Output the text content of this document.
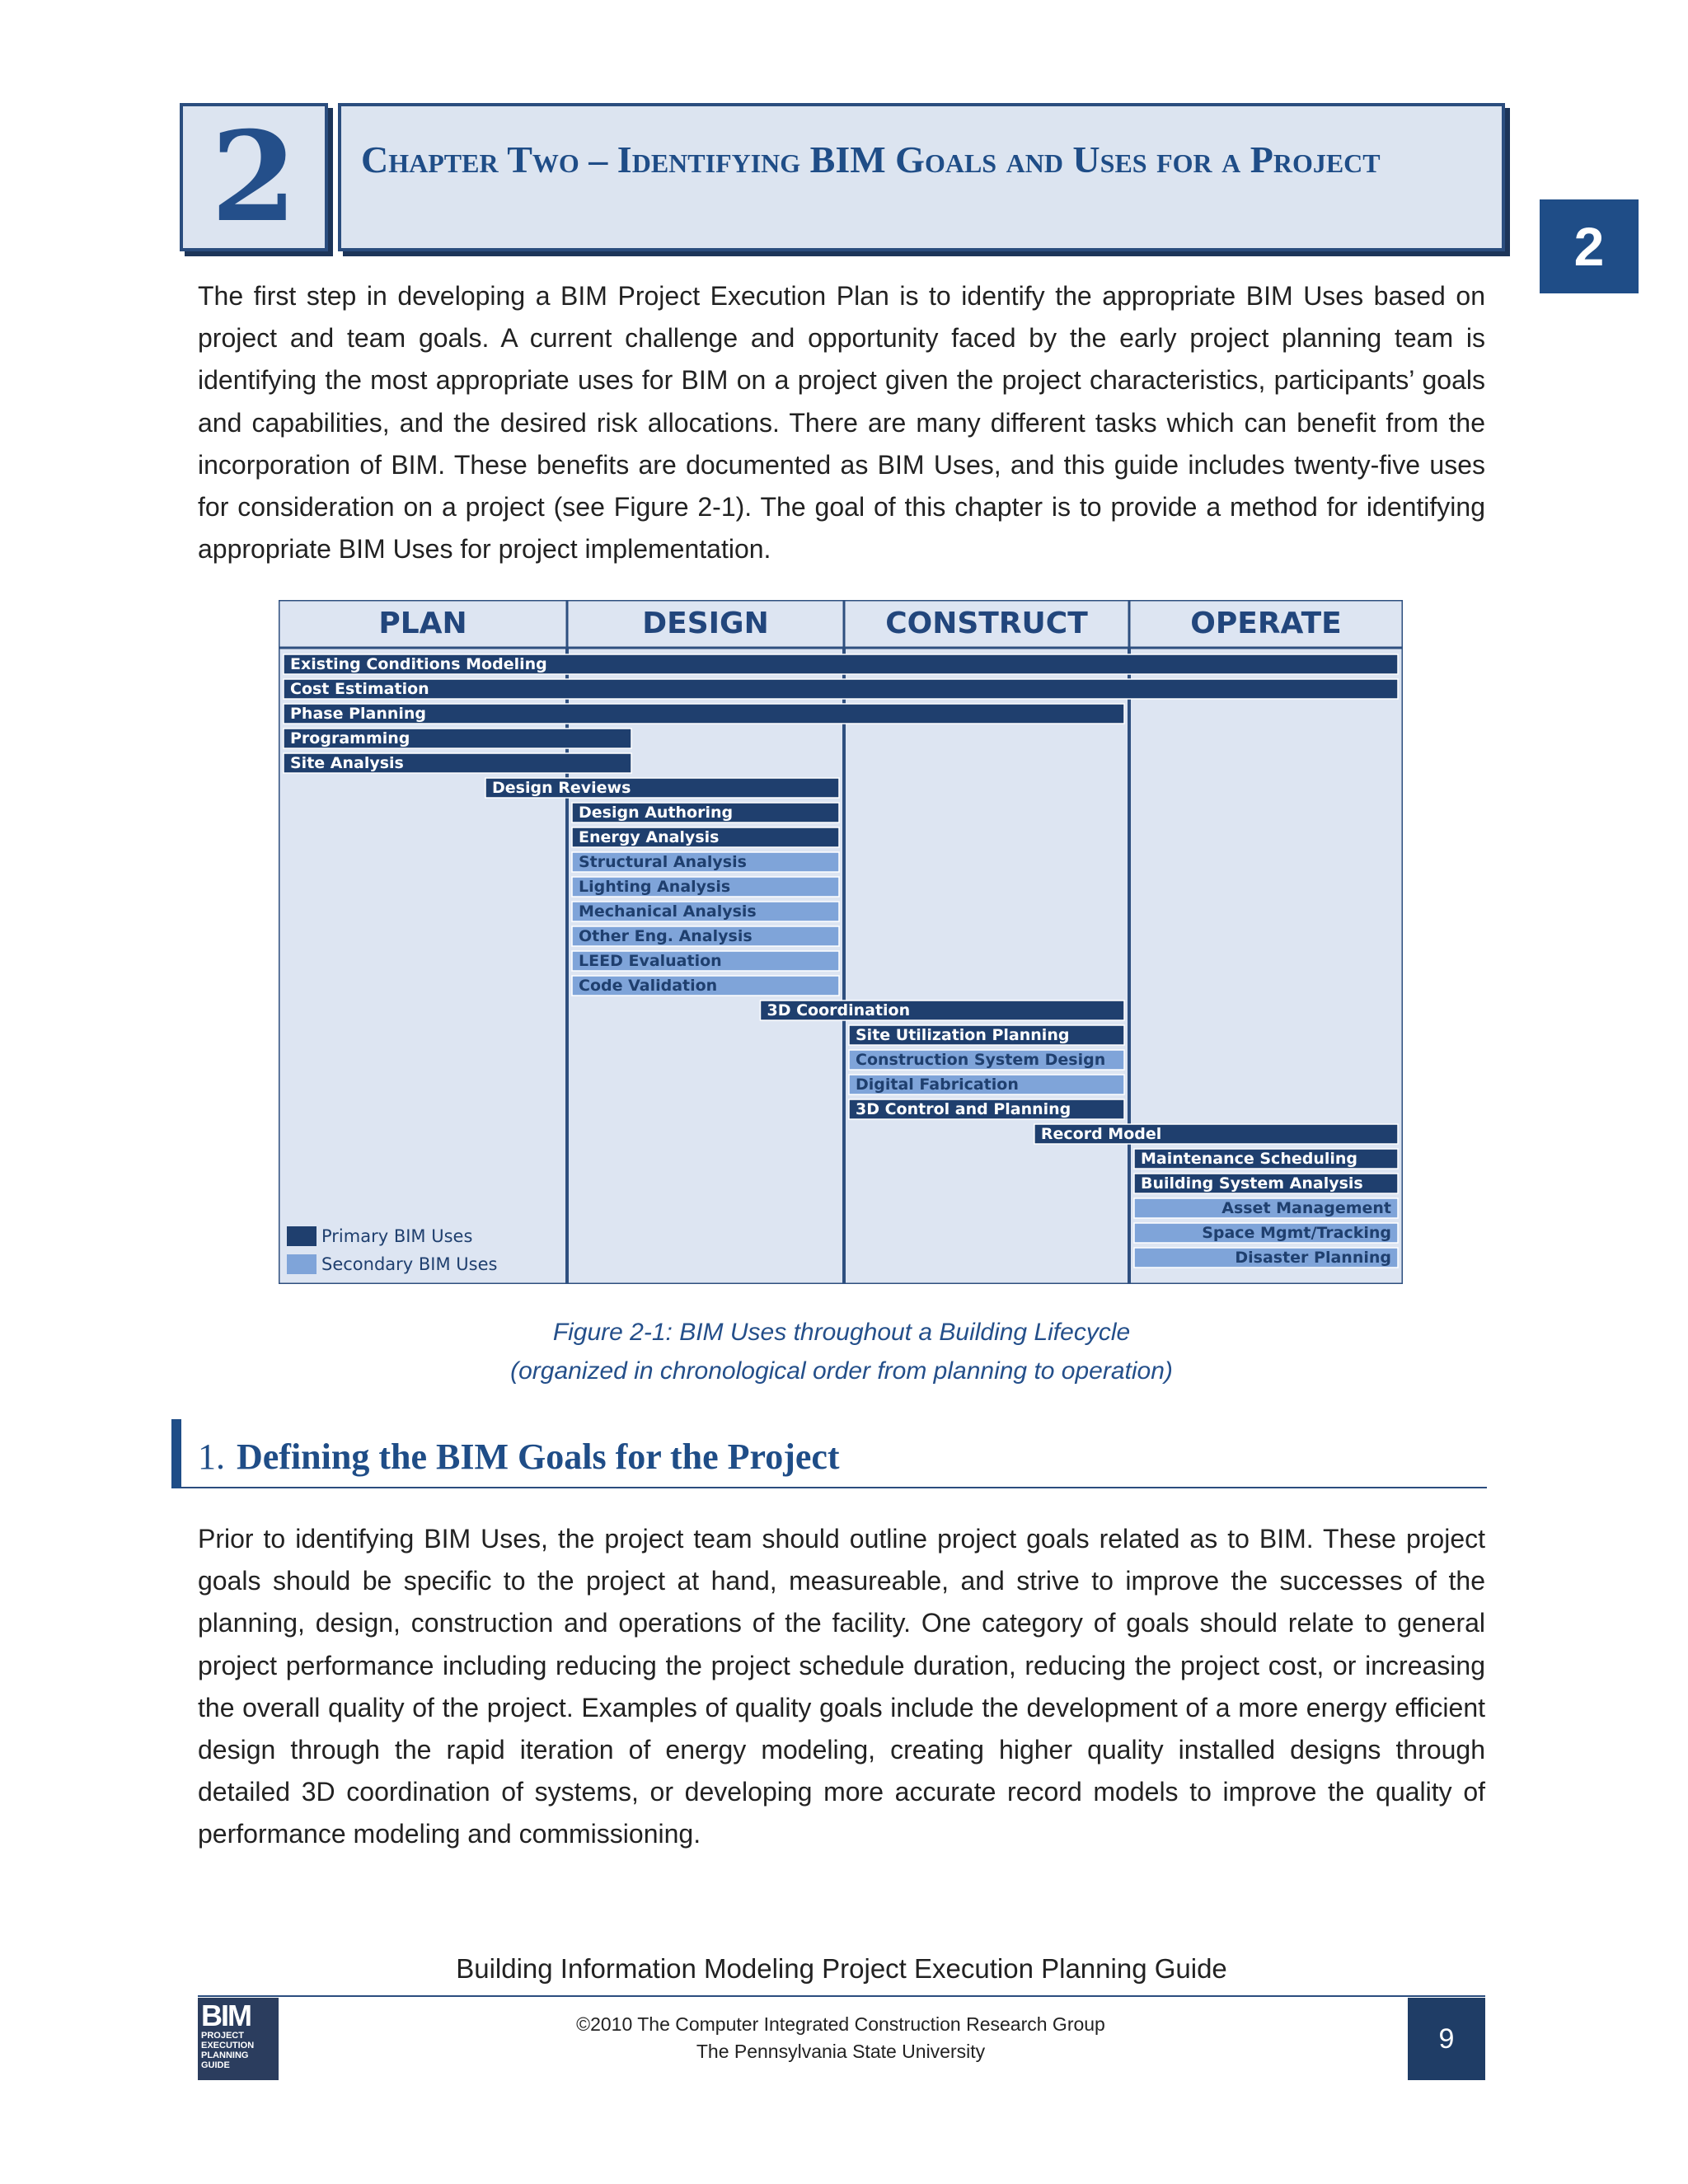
2	Chapter Two – Identifying BIM Goals and Uses for a Project
2
The first step in developing a BIM Project Execution Plan is to identify the appropriate BIM Uses based on project and team goals. A current challenge and opportunity faced by the early project planning team is identifying the most appropriate uses for BIM on a project given the project characteristics, participants’ goals and capabilities, and the desired risk allocations. There are many different tasks which can benefit from the incorporation of BIM. These benefits are documented as BIM Uses, and this guide includes twenty-five uses for consideration on a project (see Figure 2-1). The goal of this chapter is to provide a method for identifying appropriate BIM Uses for project implementation.
PLAN	DESIGN	CONSTRUCT	OPERATE
Existing Conditions Modeling
Cost Estimation
Phase Planning
Programming
Site Analysis
Design Reviews
Design Authoring
Energy Analysis
Structural Analysis
Lighting Analysis
Mechanical Analysis
Other Eng. Analysis
LEED Evaluation
Code Validation
3D Coordination
Site Utilization Planning
Construction System Design
Digital Fabrication
3D Control and Planning
Record Model
Maintenance Scheduling
Building System Analysis
Asset Management
Space Mgmt/Tracking
Disaster Planning
Primary BIM Uses
Secondary BIM Uses
Figure 2-1: BIM Uses throughout a Building Lifecycle
(organized in chronological order from planning to operation)
1. Defining the BIM Goals for the Project
Prior to identifying BIM Uses, the project team should outline project goals related as to BIM. These project goals should be specific to the project at hand, measureable, and strive to improve the successes of the planning, design, construction and operations of the facility. One category of goals should relate to general project performance including reducing the project schedule duration, reducing the project cost, or increasing the overall quality of the project. Examples of quality goals include the development of a more energy efficient design through the rapid iteration of energy modeling, creating higher quality installed designs through detailed 3D coordination of systems, or developing more accurate record models to improve the quality of performance modeling and commissioning.
Building Information Modeling Project Execution Planning Guide
BIM
PROJECT EXECUTION PLANNING GUIDE
©2010 The Computer Integrated Construction Research Group
The Pennsylvania State University	9
